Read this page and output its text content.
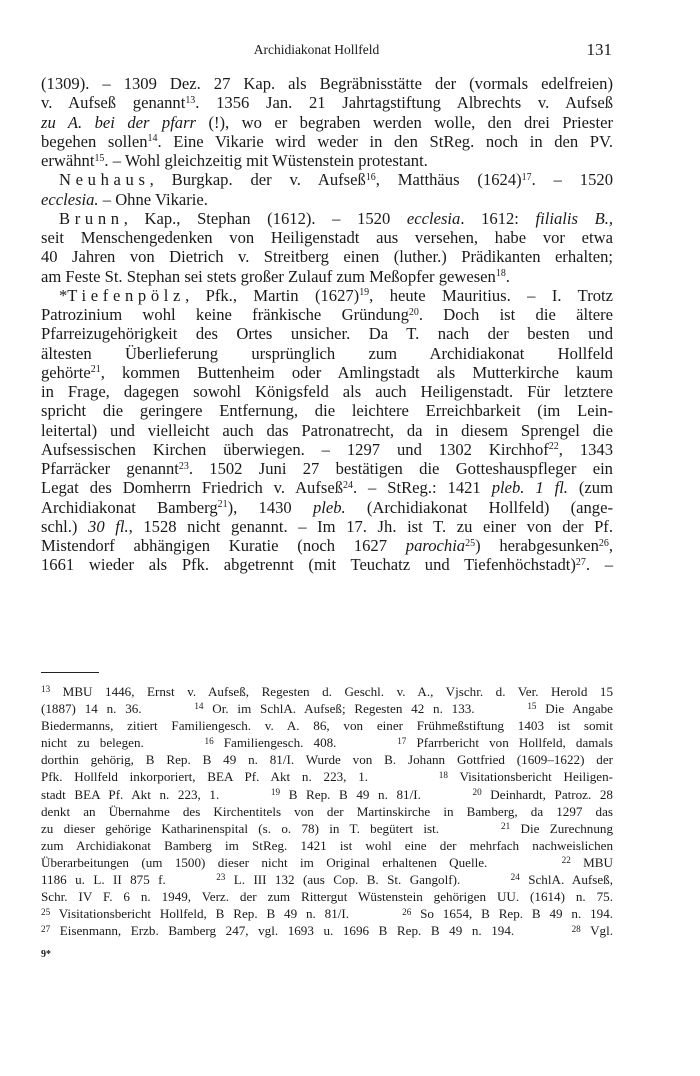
Archidiakonat Hollfeld	131
(1309). – 1309 Dez. 27 Kap. als Begräbnisstätte der (vormals edelfreien)
v. Aufseß genannt$^{13}$. 1356 Jan. 21 Jahrtagstiftung Albrechts v. Aufseß
zu A. bei der pfarr (!), wo er begraben werden wolle, den drei Priester
begehen sollen$^{14}$. Eine Vikarie wird weder in den StReg. noch in den PV.
erwähnt$^{15}$. – Wohl gleichzeitig mit Wüstenstein protestant.
Neuhaus, Burgkap. der v. Aufseß$^{16}$, Matthäus $(1624)^{17}$. – 1520
ecclesia. – Ohne Vikarie.
Brunn, Kap., Stephan (1612). – 1520 ecclesia. 1612: filialis B.,
seit Menschengedenken von Heiligenstadt aus versehen, habe vor etwa
40 Jahren von Dietrich v. Streitberg einen (luther.) Prädikanten erhalten;
am Feste St. Stephan sei stets großer Zulauf zum Meßopfer gewesen$^{18}$.
*Tiefenpölz, Pfk., Martin $(1627)^{19}$, heute Mauritius. – I. Trotz
Patrozinium wohl keine fränkische Gründung$^{20}$. Doch ist die ältere
Pfarreizugehörigkeit des Ortes unsicher. Da T. nach der besten und
ältesten Überlieferung ursprünglich zum Archidiakonat Hollfeld
gehörte$^{21}$, kommen Buttenheim oder Amlingstadt als Mutterkirche kaum
in Frage, dagegen sowohl Königsfeld als auch Heiligenstadt. Für letztere
spricht die geringere Entfernung, die leichtere Erreichbarkeit (im Lein-
leitertal) und vielleicht auch das Patronatrecht, da in diesem Sprengel die
Aufsessischen Kirchen überwiegen. – 1297 und 1302 Kirchhof$^{22}$, 1343
Pfarräcker genannt$^{23}$. 1502 Juni 27 bestätigen die Gotteshauspfleger ein
Legat des Domherrn Friedrich v. Aufseß$^{24}$. – StReg.: 1421 pleb. 1 fl. (zum
Archidiakonat Bamberg$^{21}$), 1430 pleb. (Archidiakonat Hollfeld) (ange-
schl.) 30 fl., 1528 nicht genannt. – Im 17. Jh. ist T. zu einer von der Pf.
Mistendorf abhängigen Kuratie (noch 1627 parochia$^{25}$) herabgesunken$^{26}$,
1661 wieder als Pfk. abgetrennt (mit Teuchatz und Tiefenhöchstadt)$^{27}$. –
$^{13}$ MBU 1446, Ernst v. Aufseß, Regesten d. Geschl. v. A., Vjschr. d. Ver. Herold 15
(1887) 14 n. 36.      $^{14}$ Or. im SchlA. Aufseß; Regesten 42 n. 133.      $^{15}$ Die Angabe
Biedermanns, zitiert Familiengesch. v. A. 86, von einer Frühmeßstiftung 1403 ist somit
nicht zu belegen.      $^{16}$ Familiengesch. 408.      $^{17}$ Pfarrbericht von Hollfeld, damals
dorthin gehörig, B Rep. B 49 n. 81/I. Wurde von B. Johann Gottfried (1609–1622) der
Pfk. Hollfeld inkorporiert, BEA Pf. Akt n. 223, 1.      $^{18}$ Visitationsbericht Heiligen-
stadt BEA Pf. Akt n. 223, 1.      $^{19}$ B Rep. B 49 n. 81/I.      $^{20}$ Deinhardt, Patroz. 28
denkt an Übernahme des Kirchentitels von der Martinskirche in Bamberg, da 1297 das
zu dieser gehörige Katharinenspital (s. o. 78) in T. begütert ist.      $^{21}$ Die Zurechnung
zum Archidiakonat Bamberg im StReg. 1421 ist wohl eine der mehrfach nachweislichen
Überarbeitungen (um 1500) dieser nicht im Original erhaltenen Quelle.      $^{22}$ MBU
1186 u. L. II 875 f.      $^{23}$ L. III 132 (aus Cop. B. St. Gangolf).      $^{24}$ SchlA. Aufseß,
Schr. IV F. 6 n. 1949, Verz. der zum Rittergut Wüstenstein gehörigen UU. (1614) n. 75.
$^{25}$ Visitationsbericht Hollfeld, B Rep. B 49 n. 81/I.      $^{26}$ So 1654, B Rep. B 49 n. 194.
$^{27}$ Eisenmann, Erzb. Bamberg 247, vgl. 1693 u. 1696 B Rep. B 49 n. 194.      $^{28}$ Vgl.
9*
